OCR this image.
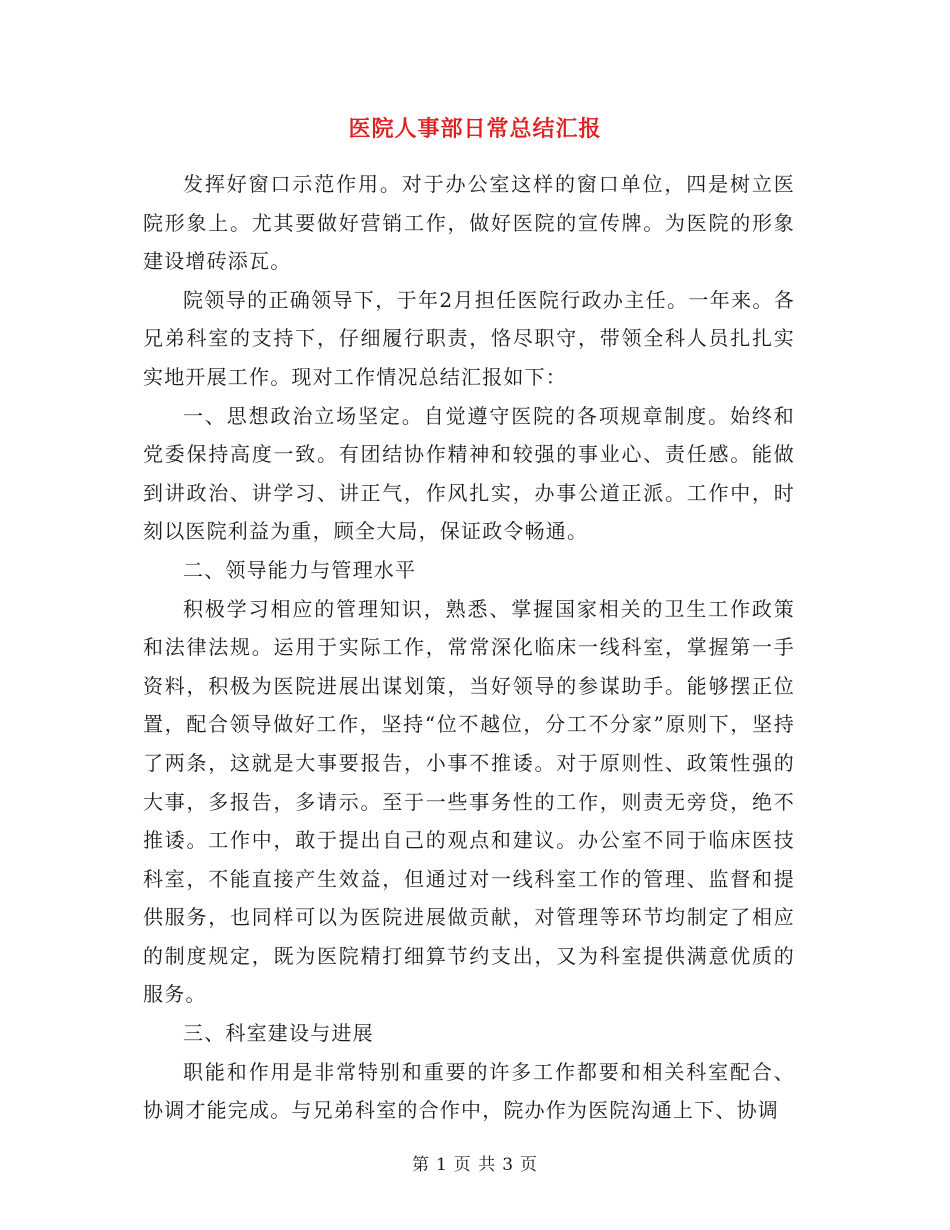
医院人事部日常总结汇报

发挥好窗口示范作用。对于办公室这样的窗口单位，四是树立医院形象上。尤其要做好营销工作，做好医院的宣传牌。为医院的形象建设增砖添瓦。

院领导的正确领导下，于年2月担任医院行政办主任。一年来。各兄弟科室的支持下，仔细履行职责，恪尽职守，带领全科人员扎扎实实地开展工作。现对工作情况总结汇报如下：

一、思想政治立场坚定。自觉遵守医院的各项规章制度。始终和党委保持高度一致。有团结协作精神和较强的事业心、责任感。能做到讲政治、讲学习、讲正气，作风扎实，办事公道正派。工作中，时刻以医院利益为重，顾全大局，保证政令畅通。

二、领导能力与管理水平

积极学习相应的管理知识，熟悉、掌握国家相关的卫生工作政策和法律法规。运用于实际工作，常常深化临床一线科室，掌握第一手资料，积极为医院进展出谋划策，当好领导的参谋助手。能够摆正位置，配合领导做好工作，坚持“位不越位，分工不分家”原则下，坚持了两条，这就是大事要报告，小事不推诿。对于原则性、政策性强的大事，多报告，多请示。至于一些事务性的工作，则责无旁贷，绝不推诿。工作中，敢于提出自己的观点和建议。办公室不同于临床医技科室，不能直接产生效益，但通过对一线科室工作的管理、监督和提供服务，也同样可以为医院进展做贡献，对管理等环节均制定了相应的制度规定，既为医院精打细算节约支出，又为科室提供满意优质的服务。

三、科室建设与进展

职能和作用是非常特别和重要的许多工作都要和相关科室配合、协调才能完成。与兄弟科室的合作中，院办作为医院沟通上下、协调

第 1 页 共 3 页
